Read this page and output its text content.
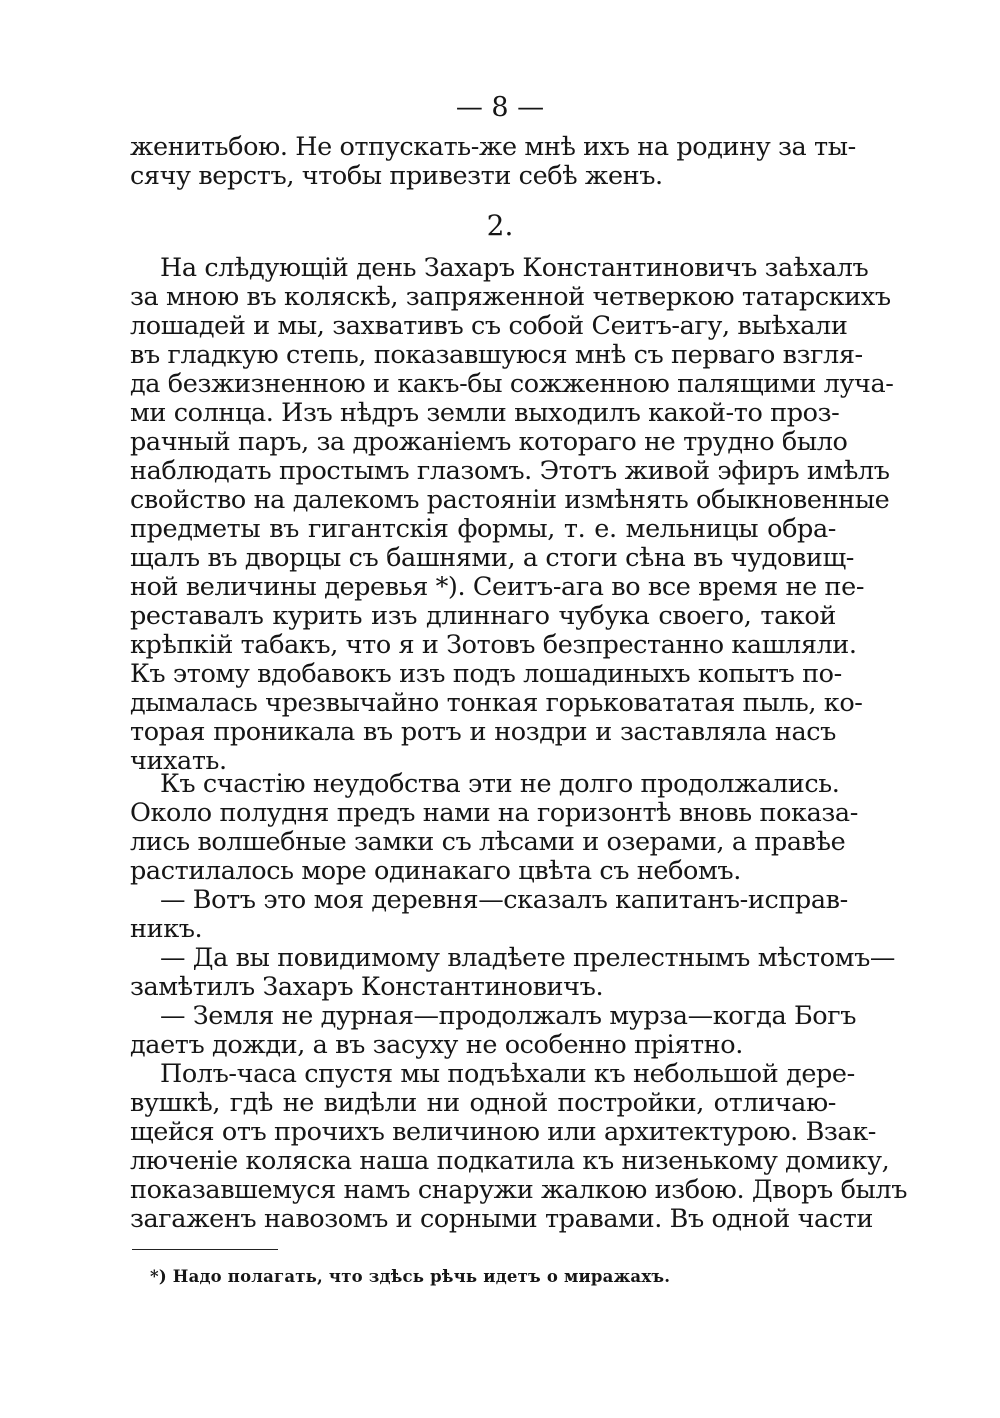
— 8 —
женитьбою. Не отпускать-же мнѣ ихъ на родину за ты-
сячу верстъ, чтобы привезти себѣ женъ.
2.
На слѣдующій день Захаръ Константиновичъ заѣхалъ
за мною въ коляскѣ, запряженной четверкою татарскихъ
лошадей и мы, захвативъ съ собой Сеитъ-агу, выѣхали
въ гладкую степь, показавшуюся мнѣ съ перваго взгля-
да безжизненною и какъ-бы сожженною палящими луча-
ми солнца. Изъ нѣдръ земли выходилъ какой-то проз-
рачный паръ, за дрожаніемъ котораго не трудно было
наблюдать простымъ глазомъ. Этотъ живой эфиръ имѣлъ
свойство на далекомъ растояніи измѣнять обыкновенные
предметы въ гигантскія формы, т. е. мельницы обра-
щалъ въ дворцы съ башнями, а стоги сѣна въ чудовищ-
ной величины деревья *). Сеитъ-ага во все время не пе-
реставалъ курить изъ длиннаго чубука своего, такой
крѣпкій табакъ, что я и Зотовъ безпрестанно кашляли.
Къ этому вдобавокъ изъ подъ лошадиныхъ копытъ по-
дымалась чрезвычайно тонкая горьковататая пыль, ко-
торая проникала въ ротъ и ноздри и заставляла насъ
чихать.
Къ счастію неудобства эти не долго продолжались.
Около полудня предъ нами на горизонтѣ вновь показа-
лись волшебные замки съ лѣсами и озерами, а правѣе
растилалось море одинакаго цвѣта съ небомъ.
— Вотъ это моя деревня—сказалъ капитанъ-исправ-
никъ.
— Да вы повидимому владѣете прелестнымъ мѣстомъ—
замѣтилъ Захаръ Константиновичъ.
— Земля не дурная—продолжалъ мурза—когда Богъ
даетъ дожди, а въ засуху не особенно пріятно.
Полъ-часа спустя мы подъѣхали къ небольшой дере-
вушкѣ, гдѣ не видѣли ни одной постройки, отличаю-
щейся отъ прочихъ величиною или архитектурою. Взак-
люченіе коляска наша подкатила къ низенькому домику,
показавшемуся намъ снаружи жалкою избою. Дворъ былъ
загаженъ навозомъ и сорными травами. Въ одной части
*) Надо полагать, что здѣсь рѣчь идетъ о миражахъ.
